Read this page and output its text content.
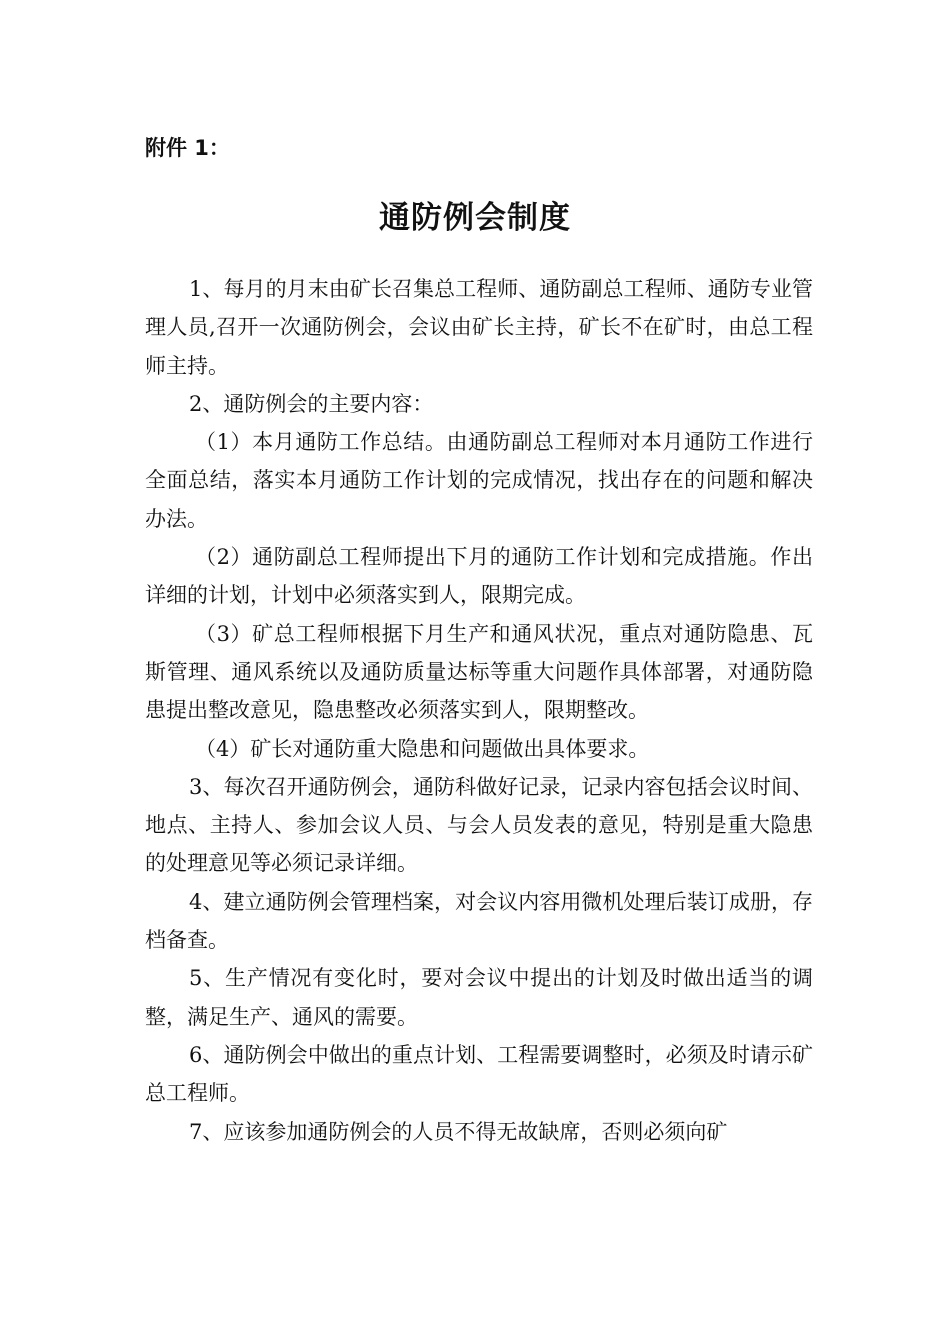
附件 1：
通防例会制度

1、每月的月末由矿长召集总工程师、通防副总工程师、通防专业管理人员,召开一次通防例会，会议由矿长主持，矿长不在矿时，由总工程师主持。

2、通防例会的主要内容：

（1）本月通防工作总结。由通防副总工程师对本月通防工作进行全面总结，落实本月通防工作计划的完成情况，找出存在的问题和解决办法。

（2）通防副总工程师提出下月的通防工作计划和完成措施。作出详细的计划，计划中必须落实到人，限期完成。

（3）矿总工程师根据下月生产和通风状况，重点对通防隐患、瓦斯管理、通风系统以及通防质量达标等重大问题作具体部署，对通防隐患提出整改意见，隐患整改必须落实到人，限期整改。

（4）矿长对通防重大隐患和问题做出具体要求。

3、每次召开通防例会，通防科做好记录，记录内容包括会议时间、地点、主持人、参加会议人员、与会人员发表的意见，特别是重大隐患的处理意见等必须记录详细。

4、建立通防例会管理档案，对会议内容用微机处理后装订成册，存档备查。

5、生产情况有变化时，要对会议中提出的计划及时做出适当的调整，满足生产、通风的需要。

6、通防例会中做出的重点计划、工程需要调整时，必须及时请示矿总工程师。

7、应该参加通防例会的人员不得无故缺席，否则必须向矿
